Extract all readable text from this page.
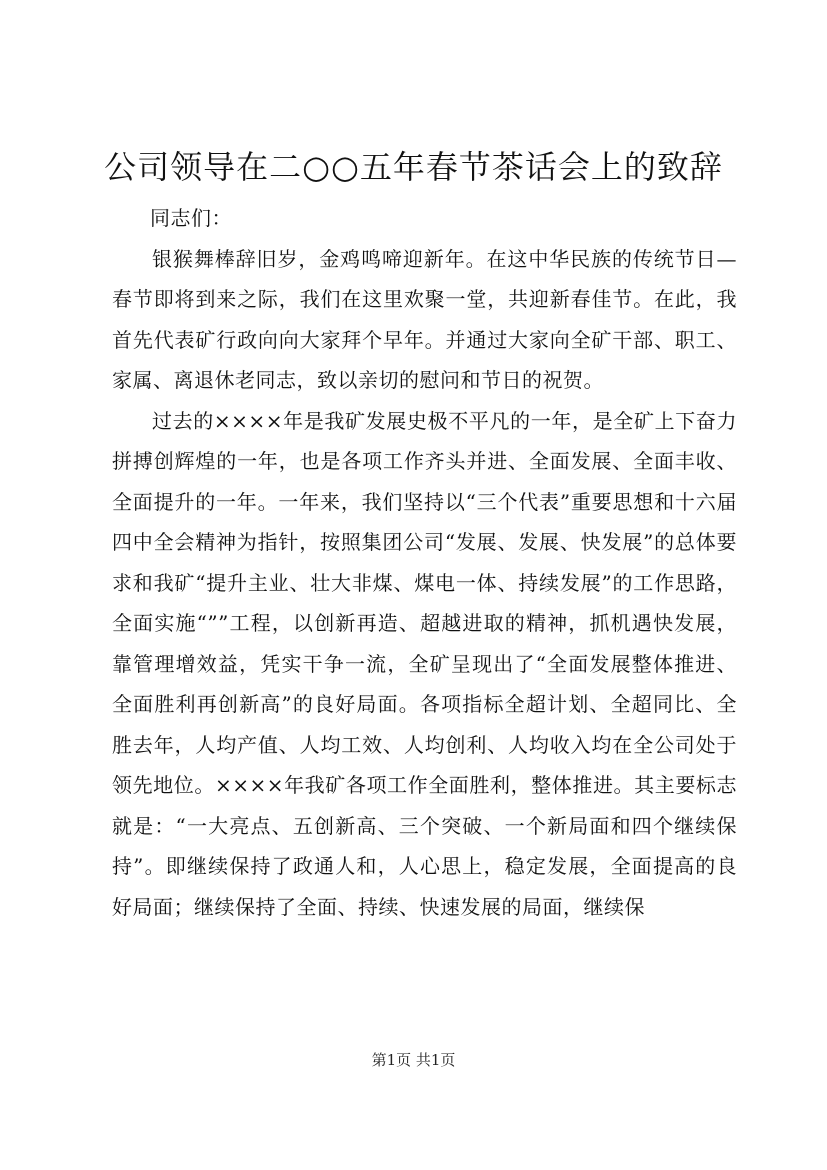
公司领导在二○○五年春节茶话会上的致辞

同志们：

银猴舞棒辞旧岁，金鸡鸣啼迎新年。在这中华民族的传统节日—春节即将到来之际，我们在这里欢聚一堂，共迎新春佳节。在此，我首先代表矿行政向向大家拜个早年。并通过大家向全矿干部、职工、家属、离退休老同志，致以亲切的慰问和节日的祝贺。

过去的××××年是我矿发展史极不平凡的一年，是全矿上下奋力拼搏创辉煌的一年，也是各项工作齐头并进、全面发展、全面丰收、全面提升的一年。一年来，我们坚持以“三个代表”重要思想和十六届四中全会精神为指针，按照集团公司“发展、发展、快发展”的总体要求和我矿“提升主业、壮大非煤、煤电一体、持续发展”的工作思路，全面实施“””工程，以创新再造、超越进取的精神，抓机遇快发展，靠管理增效益，凭实干争一流，全矿呈现出了“全面发展整体推进、全面胜利再创新高”的良好局面。各项指标全超计划、全超同比、全胜去年，人均产值、人均工效、人均创利、人均收入均在全公司处于领先地位。××××年我矿各项工作全面胜利，整体推进。其主要标志就是：“一大亮点、五创新高、三个突破、一个新局面和四个继续保持”。即继续保持了政通人和，人心思上，稳定发展，全面提高的良好局面；继续保持了全面、持续、快速发展的局面，继续保

第1页 共1页
